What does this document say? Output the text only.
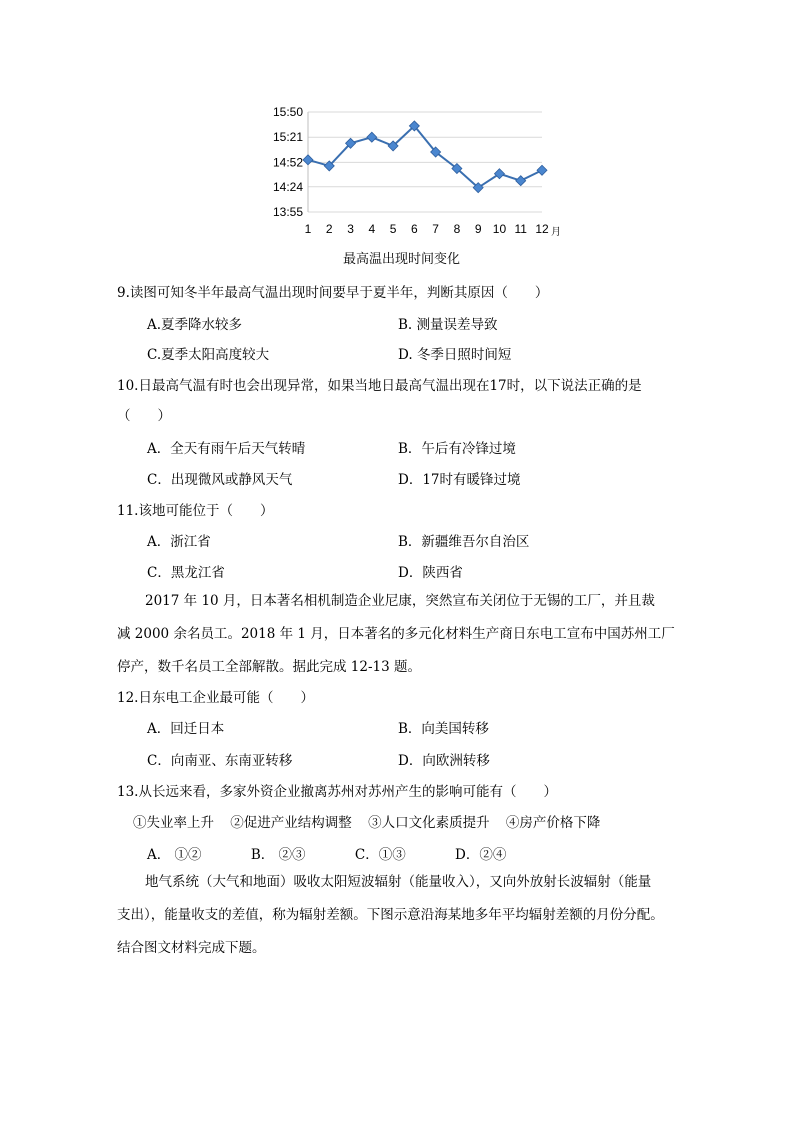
15:50
15:21
14:52
14:24
13:55
1 2 3 4 5 6 7 8 9 10 11 12 月
最高温出现时间变化
9.读图可知冬半年最高气温出现时间要早于夏半年，判断其原因（　　）
A.夏季降水较多	B. 测量误差导致
C.夏季太阳高度较大	D. 冬季日照时间短
10.日最高气温有时也会出现异常，如果当地日最高气温出现在17时，以下说法正确的是
（　　）
A．全天有雨午后天气转晴	B．午后有冷锋过境
C．出现微风或静风天气	D．17时有暖锋过境
11.该地可能位于（　　）
A．浙江省	B．新疆维吾尔自治区
C．黑龙江省	D．陕西省
2017 年 10 月，日本著名相机制造企业尼康，突然宣布关闭位于无锡的工厂，并且裁
减 2000 余名员工。2018 年 1 月，日本著名的多元化材料生产商日东电工宣布中国苏州工厂
停产，数千名员工全部解散。据此完成 12-13 题。
12.日东电工企业最可能（　　）
A．回迁日本	B．向美国转移
C．向南亚、东南亚转移	D．向欧洲转移
13.从长远来看，多家外资企业撤离苏州对苏州产生的影响可能有（　　）
①失业率上升 ②促进产业结构调整 ③人口文化素质提升 ④房产价格下降
A． ①②	B． ②③	C．①③	D．②④
地气系统（大气和地面）吸收太阳短波辐射（能量收入），又向外放射长波辐射（能量
支出），能量收支的差值，称为辐射差额。下图示意沿海某地多年平均辐射差额的月份分配。
结合图文材料完成下题。
